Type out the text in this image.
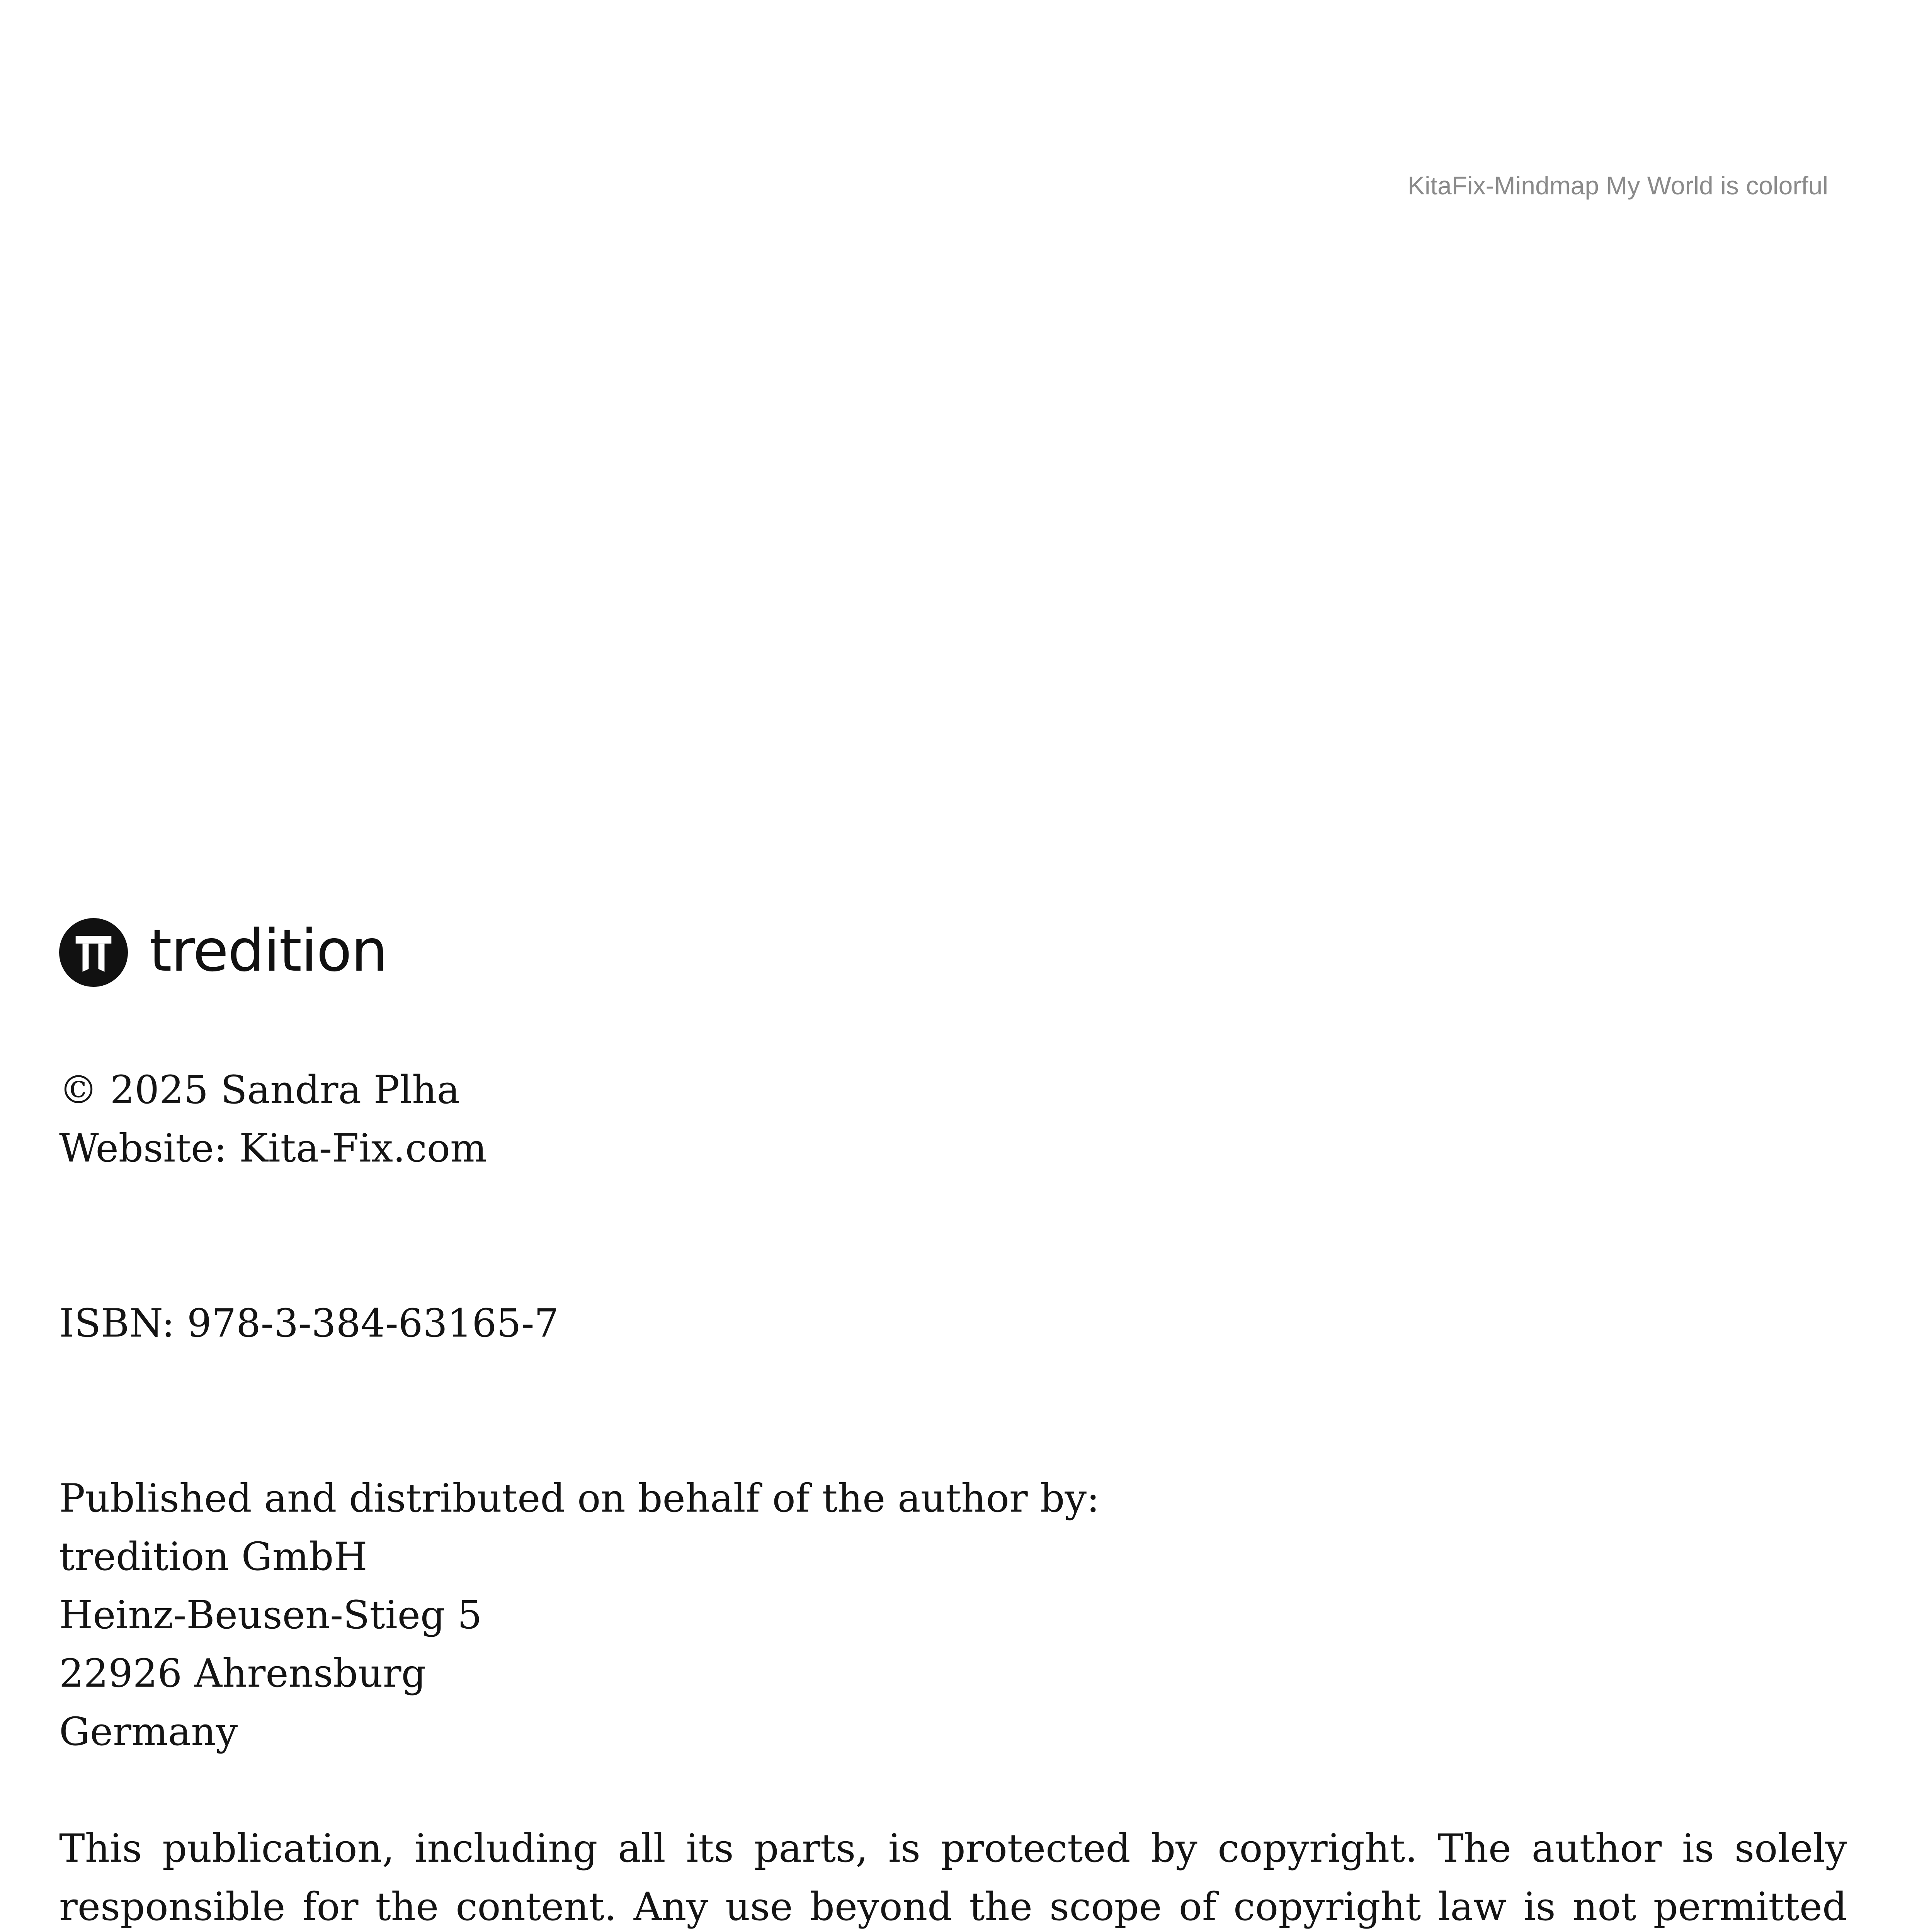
KitaFix-Mindmap My World is colorful
tredition
© 2025 Sandra Plha
Website: Kita-Fix.com
ISBN: 978-3-384-63165-7
Published and distributed on behalf of the author by:
tredition GmbH
Heinz-Beusen-Stieg 5
22926 Ahrensburg
Germany
This publication, including all its parts, is protected by copyright. The author is solely responsible for the content. Any use beyond the scope of copyright law is not permitted
